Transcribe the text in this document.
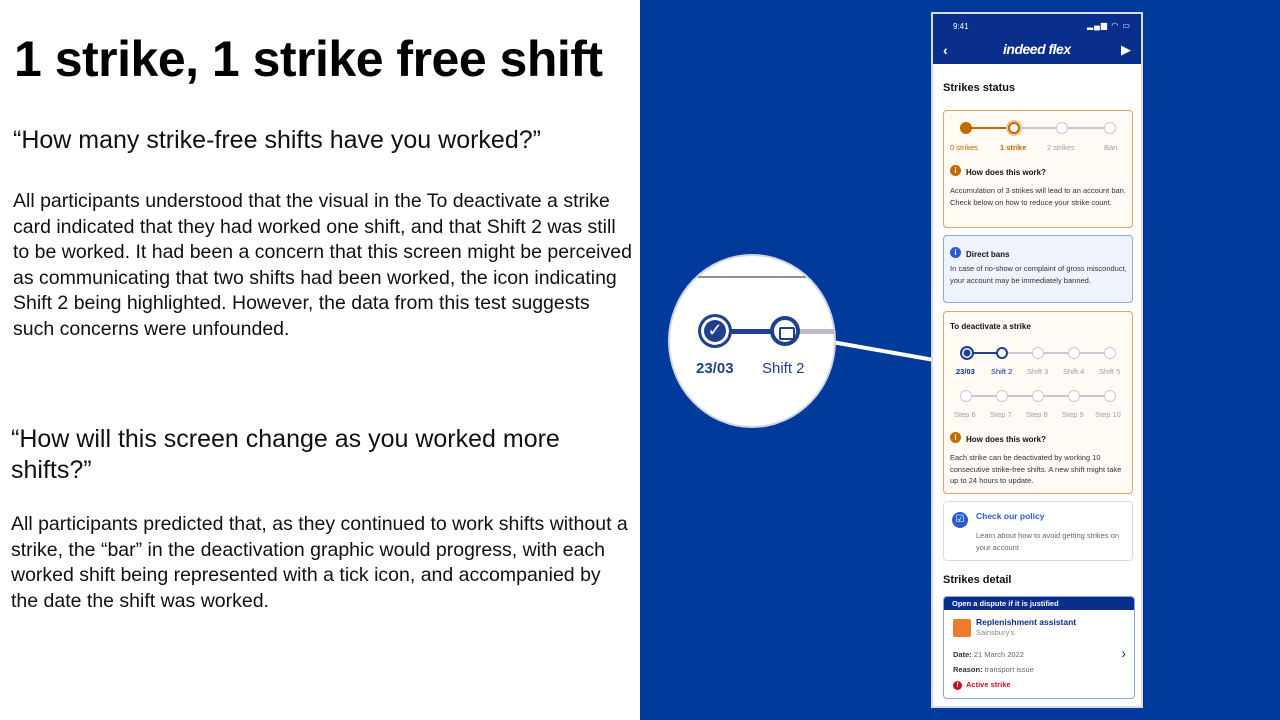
1 strike, 1 strike free shift
“How many strike-free shifts have you worked?”
All participants understood that the visual in the To deactivate a strike card indicated that they had worked one shift, and that Shift 2 was still to be worked. It had been a concern that this screen might be perceived as communicating that two shifts had been worked, the icon indicating Shift 2 being highlighted. However, the data from this test suggests such concerns were unfounded.
“How will this screen change as you worked more shifts?”
All participants predicted that, as they continued to work shifts without a strike, the “bar” in the deactivation graphic would progress, with each worked shift being represented with a tick icon, and accompanied by the date the shift was worked.
✓
23/03 Shift 2
9:41	▂▄▆ ◠ ▭
‹	indeed flex	▶
Strikes status
0 strikes	1 strike	2 strikes	Ban
i How does this work?
Accumulation of 3 strikes will lead to an account ban. Check below on how to reduce your strike count.
i Direct bans
In case of no-show or complaint of gross misconduct, your account may be immediately banned.
To deactivate a strike
23/03 Shift 2 Shift 3 Shift 4 Shift 5
Step 6 Step 7 Step 8 Step 9 Step 10
i How does this work?
Each strike can be deactivated by working 10 consecutive strike-free shifts. A new shift might take up to 24 hours to update.
☑	Check our policy
Learn about how to avoid getting strikes on your account
Strikes detail
Open a dispute if it is justified
Replenishment assistant
Sainsbury's
Date: 21 March 2022
Reason: transport issue
! Active strike
›
